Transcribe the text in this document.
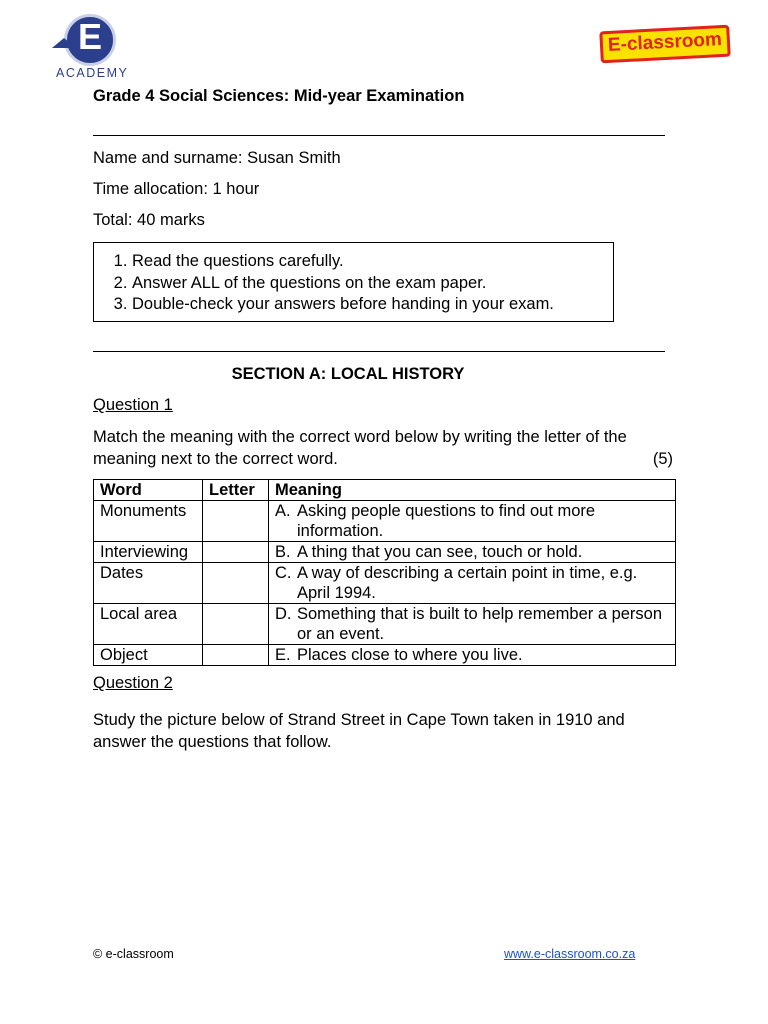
E
ACADEMY
E-classroom
Grade 4 Social Sciences: Mid-year Examination
Name and surname: Susan Smith
Time allocation: 1 hour
Total: 40 marks
1. Read the questions carefully.
2. Answer ALL of the questions on the exam paper.
3. Double-check your answers before handing in your exam.
SECTION A: LOCAL HISTORY
Question 1
Match the meaning with the correct word below by writing the letter of the meaning next to the correct word.	(5)
Word	Letter	Meaning
Monuments		A. Asking people questions to find out more information.

Interviewing		B. A thing that you can see, touch or hold.

Dates		C. A way of describing a certain point in time, e.g. April 1994.

Local area		D. Something that is built to help remember a person or an event.

Object		E. Places close to where you live.
Question 2
Study the picture below of Strand Street in Cape Town taken in 1910 and answer the questions that follow.
© e-classroom	www.e-classroom.co.za
